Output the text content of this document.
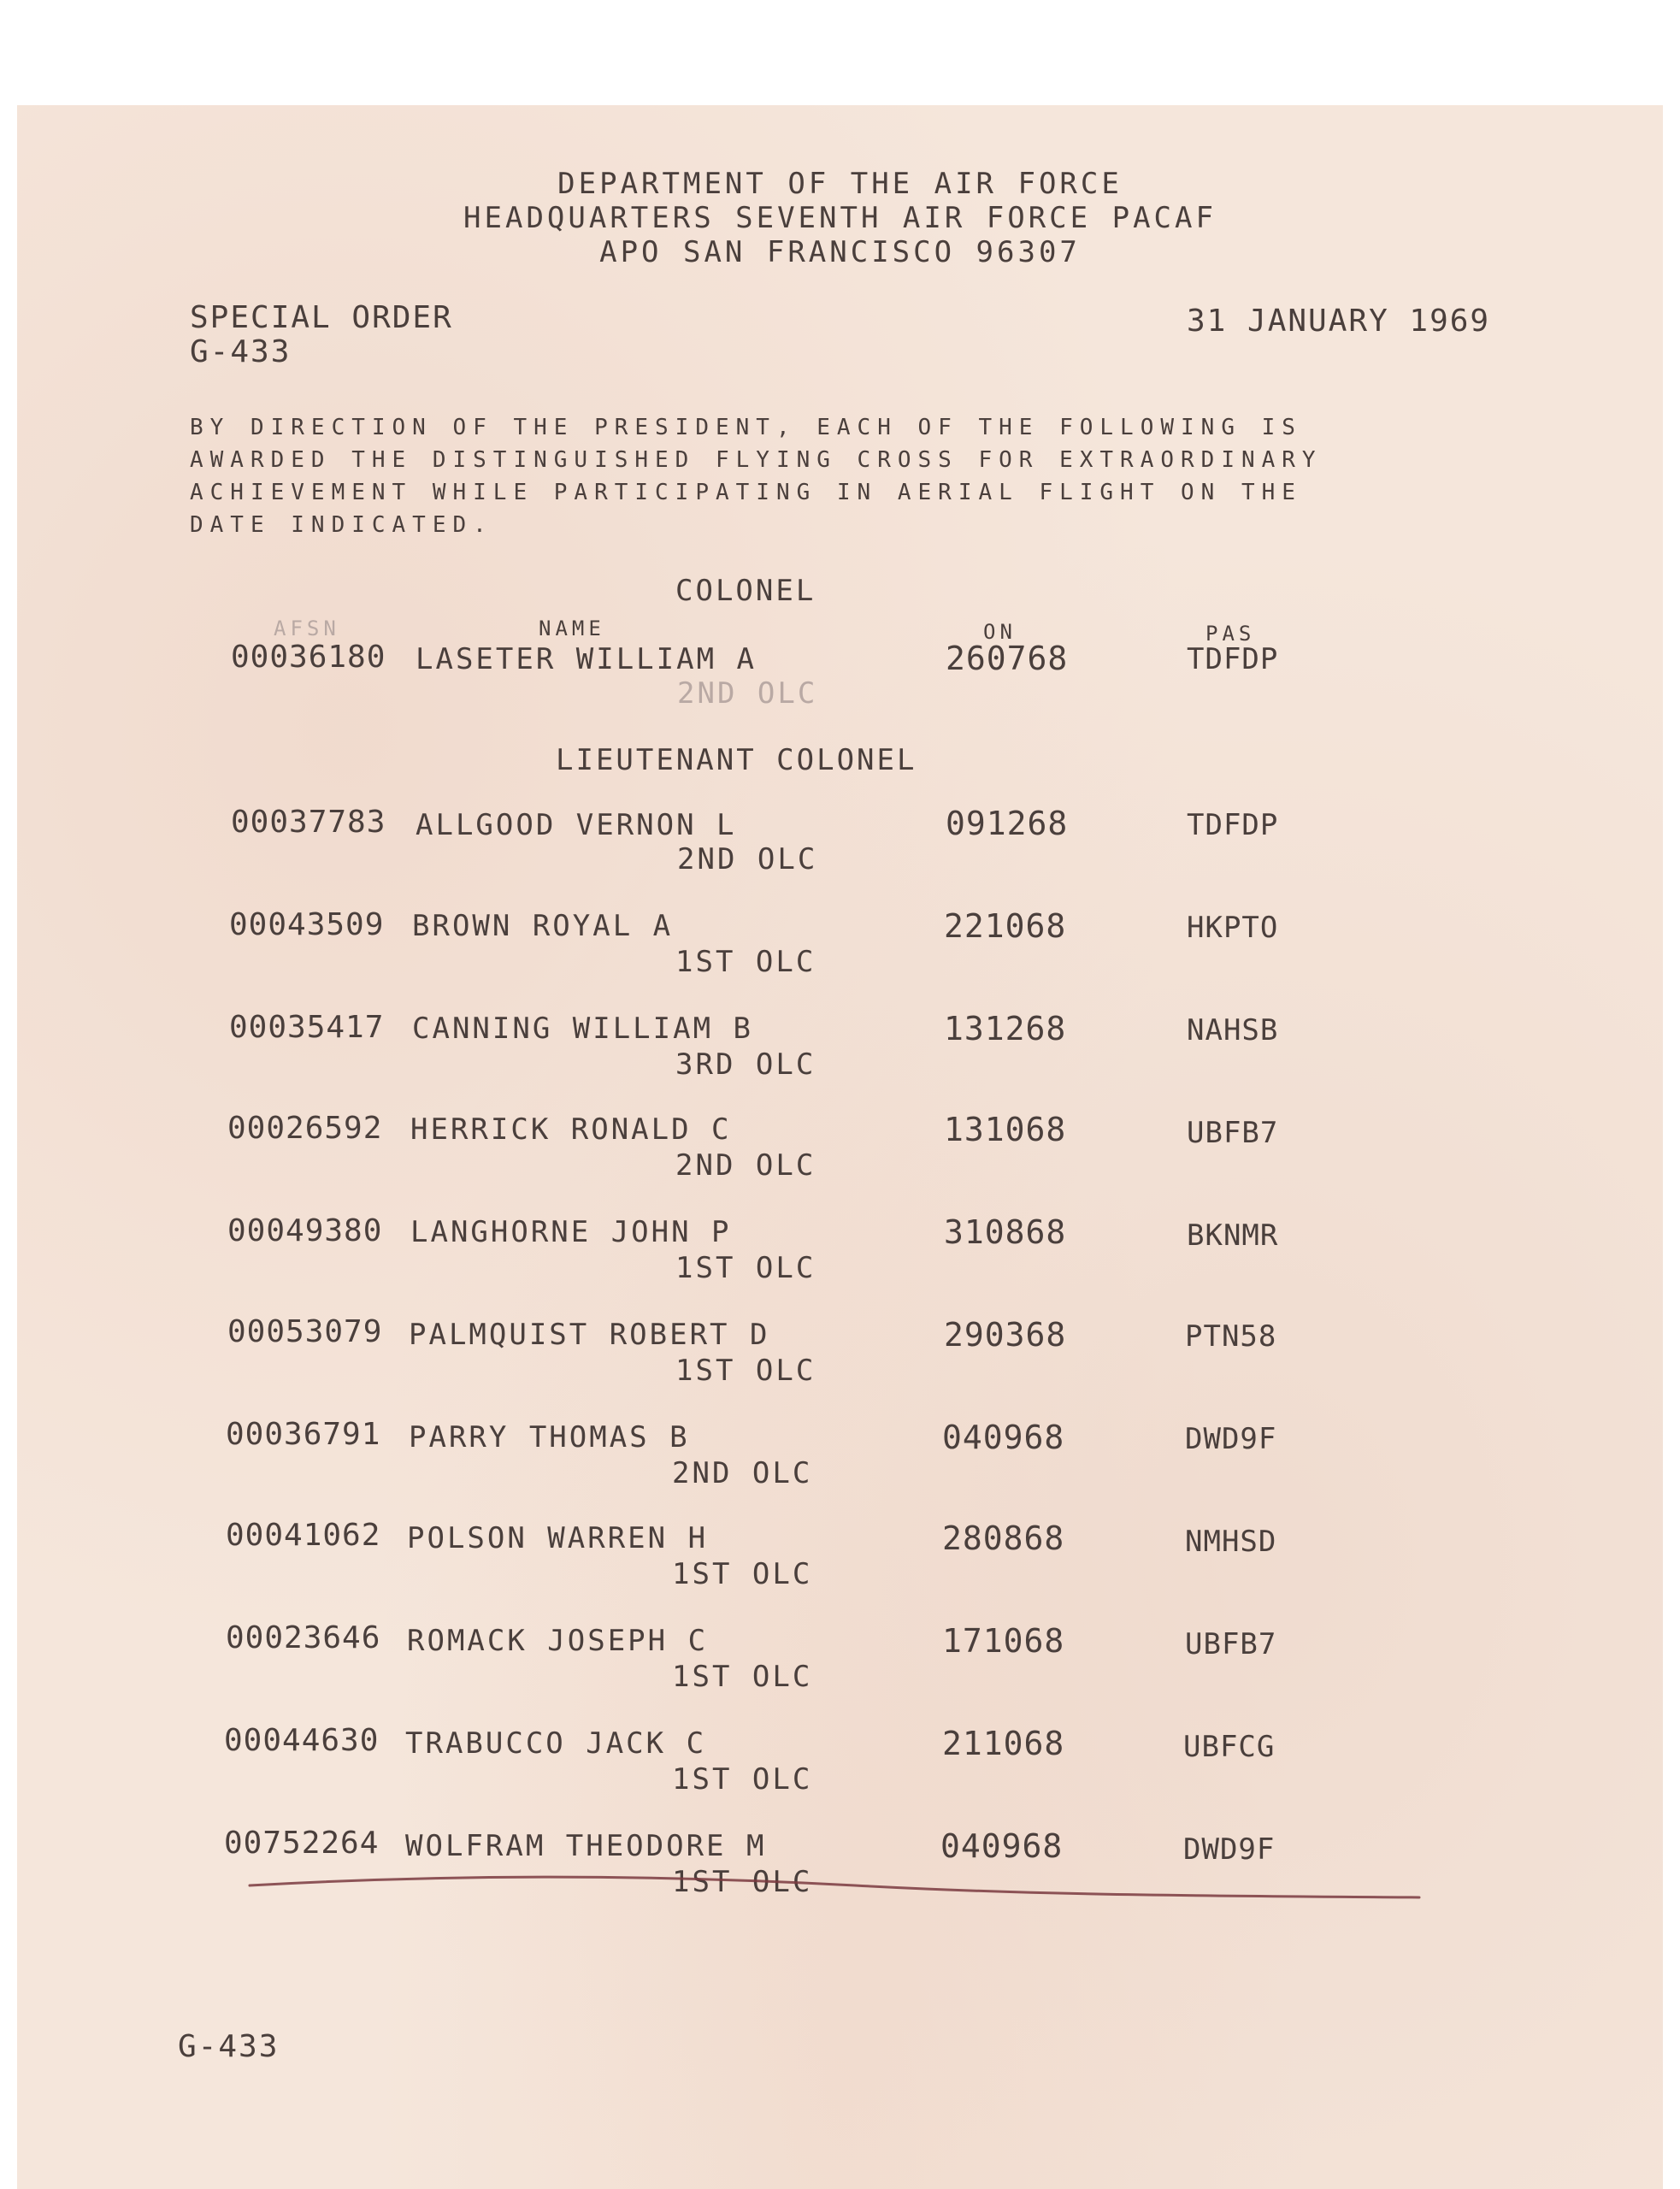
DEPARTMENT OF THE AIR FORCE
HEADQUARTERS SEVENTH AIR FORCE PACAF
APO SAN FRANCISCO 96307
SPECIAL ORDER
G-433
31 JANUARY 1969
BY DIRECTION OF THE PRESIDENT, EACH OF THE FOLLOWING IS
AWARDED THE DISTINGUISHED FLYING CROSS FOR EXTRAORDINARY
ACHIEVEMENT WHILE PARTICIPATING IN AERIAL FLIGHT ON THE
DATE INDICATED.
COLONEL
AFSN	NAME	ON	PAS
00036180 LASETER WILLIAM A
2ND OLC
260768	TDFDP
LIEUTENANT COLONEL
00037783 ALLGOOD VERNON L
2ND OLC
091268	TDFDP
00043509 BROWN ROYAL A
1ST OLC
221068	HKPTO
00035417 CANNING WILLIAM B
3RD OLC
131268	NAHSB
00026592 HERRICK RONALD C
2ND OLC
131068	UBFB7
00049380 LANGHORNE JOHN P
1ST OLC
310868	BKNMR
00053079 PALMQUIST ROBERT D
1ST OLC
290368	PTN58
00036791 PARRY THOMAS B
2ND OLC
040968	DWD9F
00041062 POLSON WARREN H
1ST OLC
280868	NMHSD
00023646 ROMACK JOSEPH C
1ST OLC
171068	UBFB7
00044630 TRABUCCO JACK C
1ST OLC
211068	UBFCG
00752264 WOLFRAM THEODORE M
1ST OLC
040968	DWD9F
G-433
